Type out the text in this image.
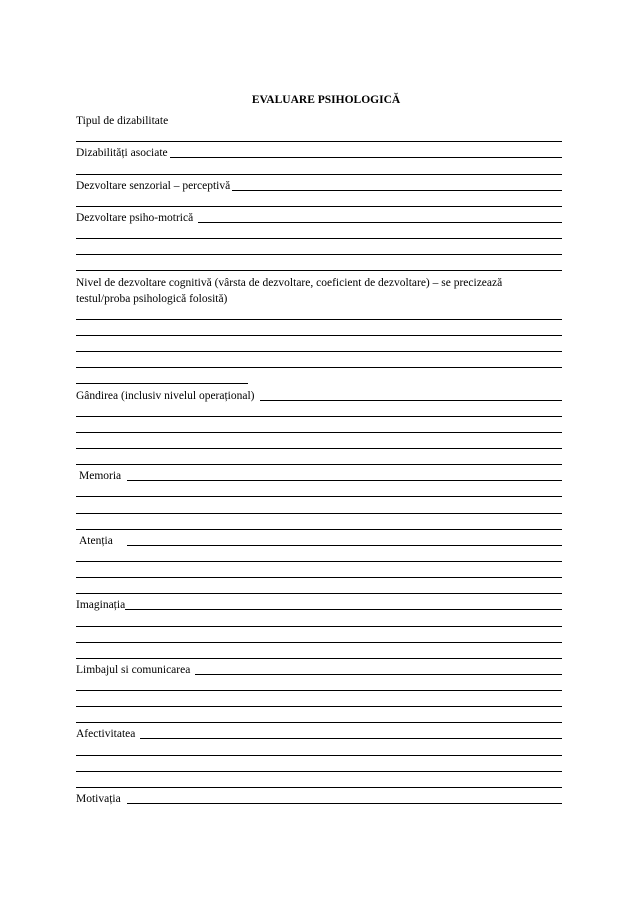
EVALUARE PSIHOLOGICĂ
Tipul de dizabilitate
Dizabilități asociate
Dezvoltare senzorial – perceptivă
Dezvoltare psiho-motrică
Nivel de dezvoltare cognitivă (vârsta de dezvoltare, coeficient de dezvoltare) – se precizează
testul/proba psihologică folosită)
Gândirea (inclusiv nivelul operațional)
Memoria
Atenția
Imaginația
Limbajul si comunicarea
Afectivitatea
Motivația
